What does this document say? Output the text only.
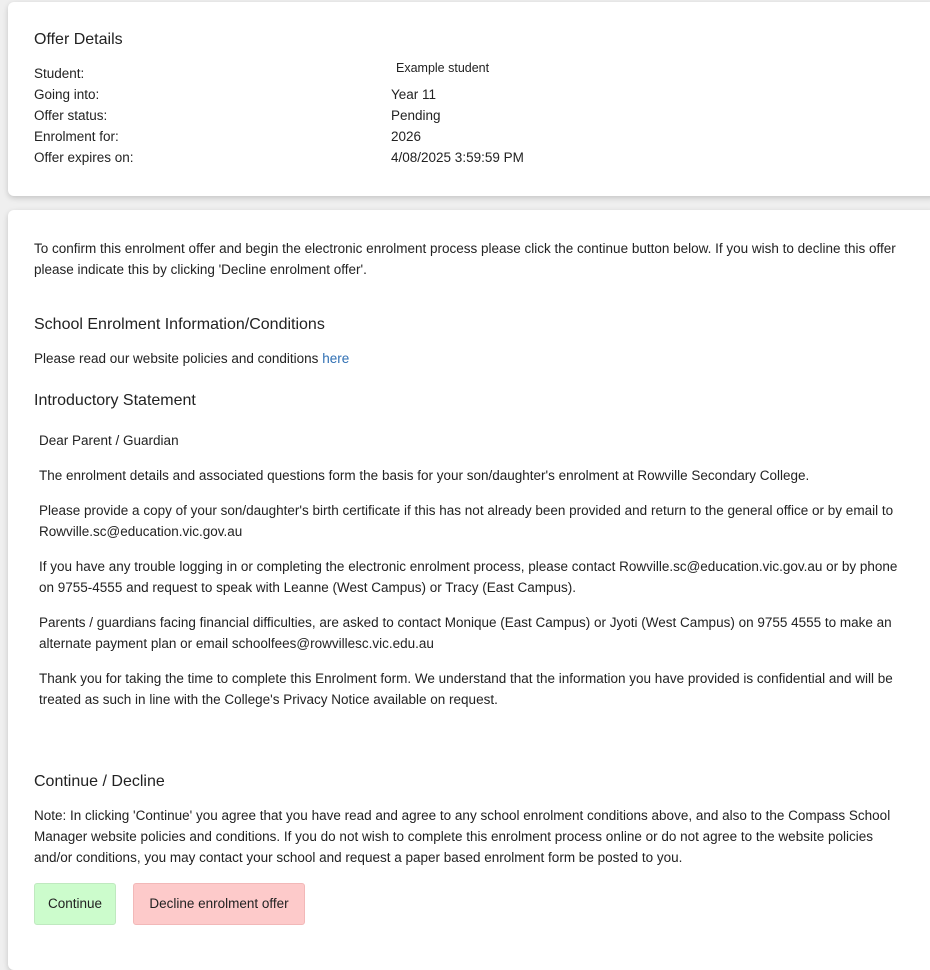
Offer Details
Student:	Example student
Going into:	Year 11
Offer status:	Pending
Enrolment for:	2026
Offer expires on:	4/08/2025 3:59:59 PM

To confirm this enrolment offer and begin the electronic enrolment process please click the continue button below. If you wish to decline this offer please indicate this by clicking 'Decline enrolment offer'.

School Enrolment Information/Conditions

Please read our website policies and conditions here

Introductory Statement

Dear Parent / Guardian

The enrolment details and associated questions form the basis for your son/daughter's enrolment at Rowville Secondary College.

Please provide a copy of your son/daughter's birth certificate if this has not already been provided and return to the general office or by email to Rowville.sc@education.vic.gov.au

If you have any trouble logging in or completing the electronic enrolment process, please contact Rowville.sc@education.vic.gov.au or by phone on 9755-4555 and request to speak with Leanne (West Campus) or Tracy (East Campus).

Parents / guardians facing financial difficulties, are asked to contact Monique (East Campus) or Jyoti (West Campus) on 9755 4555 to make an alternate payment plan or email schoolfees@rowvillesc.vic.edu.au

Thank you for taking the time to complete this Enrolment form. We understand that the information you have provided is confidential and will be treated as such in line with the College's Privacy Notice available on request.

Continue / Decline

Note: In clicking 'Continue' you agree that you have read and agree to any school enrolment conditions above, and also to the Compass School Manager website policies and conditions. If you do not wish to complete this enrolment process online or do not agree to the website policies and/or conditions, you may contact your school and request a paper based enrolment form be posted to you.

Continue	Decline enrolment offer
